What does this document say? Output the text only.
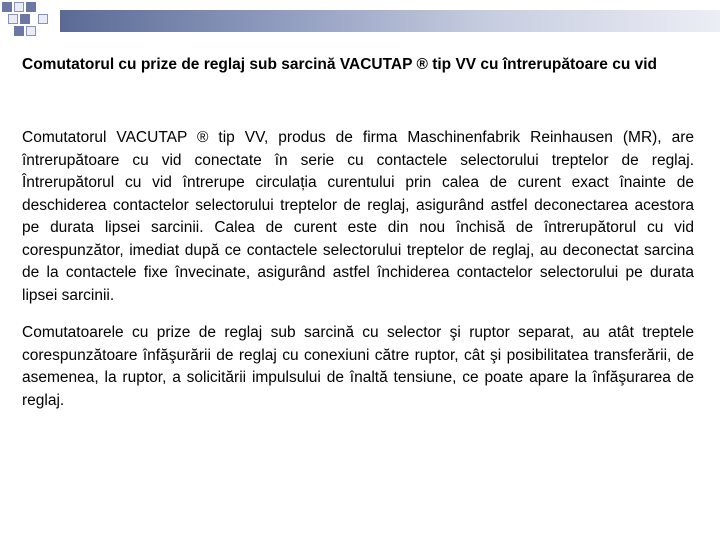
Comutatorul cu prize de reglaj sub sarcină VACUTAP ® tip VV cu întrerupătoare cu vid

Comutatorul VACUTAP ® tip VV, produs de firma Maschinenfabrik Reinhausen (MR), are întrerupătoare cu vid conectate în serie cu contactele selectorului treptelor de reglaj. Întrerupătorul cu vid întrerupe circulația curentului prin calea de curent exact înainte de deschiderea contactelor selectorului treptelor de reglaj, asigurând astfel deconectarea acestora pe durata lipsei sarcinii. Calea de curent este din nou închisă de întrerupătorul cu vid corespunzător, imediat după ce contactele selectorului treptelor de reglaj, au deconectat sarcina de la contactele fixe învecinate, asigurând astfel închiderea contactelor selectorului pe durata lipsei sarcinii.

Comutatoarele cu prize de reglaj sub sarcină cu selector şi ruptor separat, au atât treptele corespunzătoare înfăşurării de reglaj cu conexiuni către ruptor, cât şi posibilitatea transferării, de asemenea, la ruptor, a solicitării impulsului de înaltă tensiune, ce poate apare la înfăşurarea de reglaj.
